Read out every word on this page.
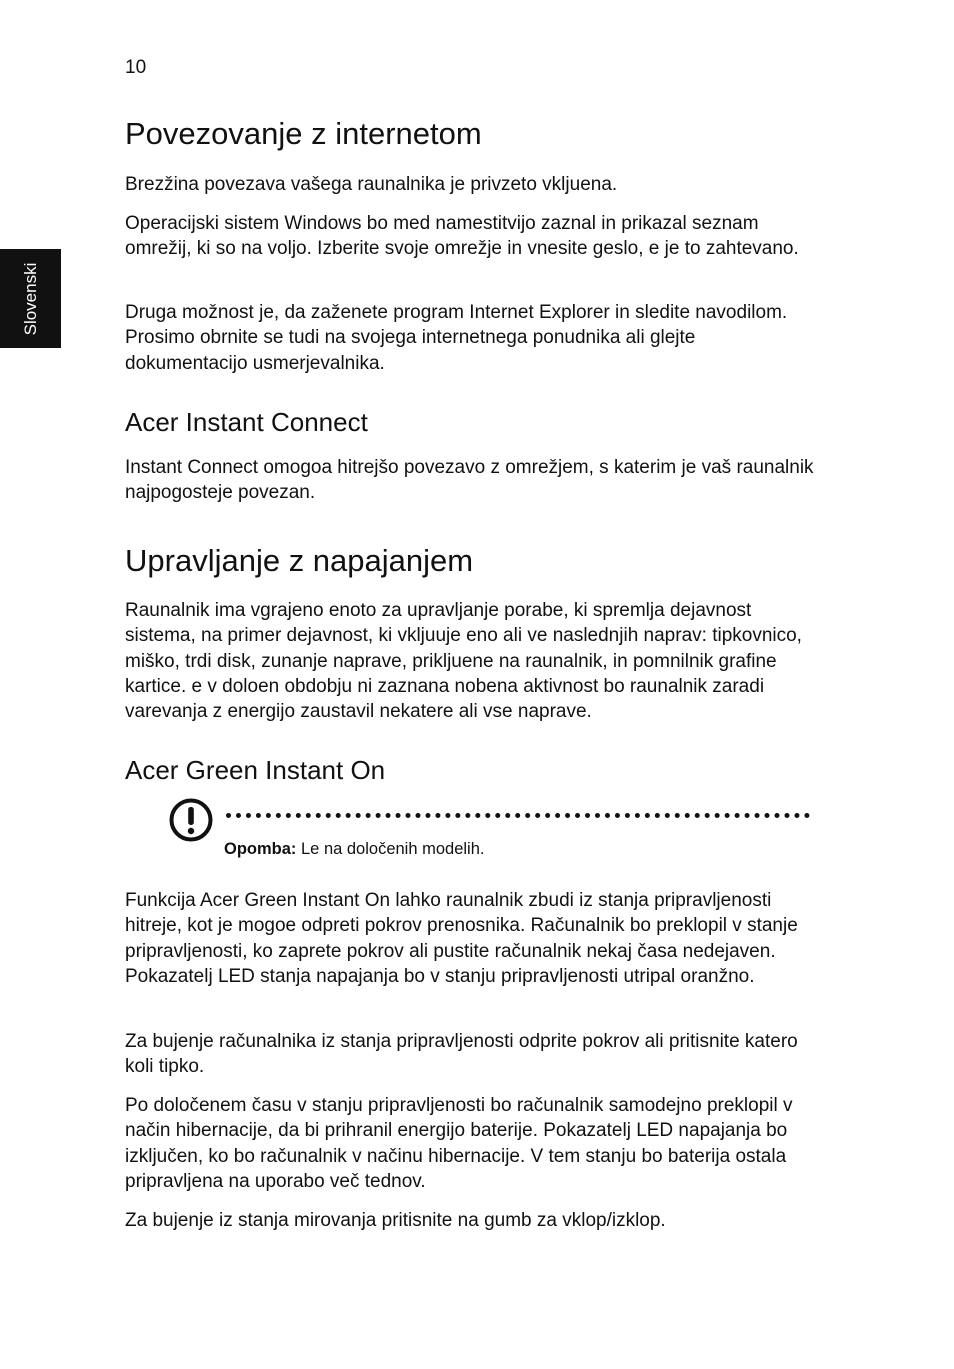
10
Slovenski
Povezovanje z internetom

Brezžina povezava vašega raunalnika je privzeto vkljuena.

Operacijski sistem Windows bo med namestitvijo zaznal in prikazal seznam omrežij, ki so na voljo. Izberite svoje omrežje in vnesite geslo, e je to zahtevano.

Druga možnost je, da zaženete program Internet Explorer in sledite navodilom. Prosimo obrnite se tudi na svojega internetnega ponudnika ali glejte dokumentacijo usmerjevalnika.

Acer Instant Connect

Instant Connect omogoa hitrejšo povezavo z omrežjem, s katerim je vaš raunalnik najpogosteje povezan.

Upravljanje z napajanjem

Raunalnik ima vgrajeno enoto za upravljanje porabe, ki spremlja dejavnost sistema, na primer dejavnost, ki vkljuuje eno ali ve naslednjih naprav: tipkovnico, miško, trdi disk, zunanje naprave, prikljuene na raunalnik, in pomnilnik grafine kartice. e v doloen obdobju ni zaznana nobena aktivnost bo raunalnik zaradi varevanja z energijo zaustavil nekatere ali vse naprave.

Acer Green Instant On

Funkcija Acer Green Instant On lahko raunalnik zbudi iz stanja pripravljenosti hitreje, kot je mogoe odpreti pokrov prenosnika. Računalnik bo preklopil v stanje pripravljenosti, ko zaprete pokrov ali pustite računalnik nekaj časa nedejaven. Pokazatelj LED stanja napajanja bo v stanju pripravljenosti utripal oranžno.

Za bujenje računalnika iz stanja pripravljenosti odprite pokrov ali pritisnite katero koli tipko.

Po določenem času v stanju pripravljenosti bo računalnik samodejno preklopil v način hibernacije, da bi prihranil energijo baterije. Pokazatelj LED napajanja bo izključen, ko bo računalnik v načinu hibernacije. V tem stanju bo baterija ostala pripravljena na uporabo več tednov.

Za bujenje iz stanja mirovanja pritisnite na gumb za vklop/izklop.

Opomba: Le na določenih modelih.
